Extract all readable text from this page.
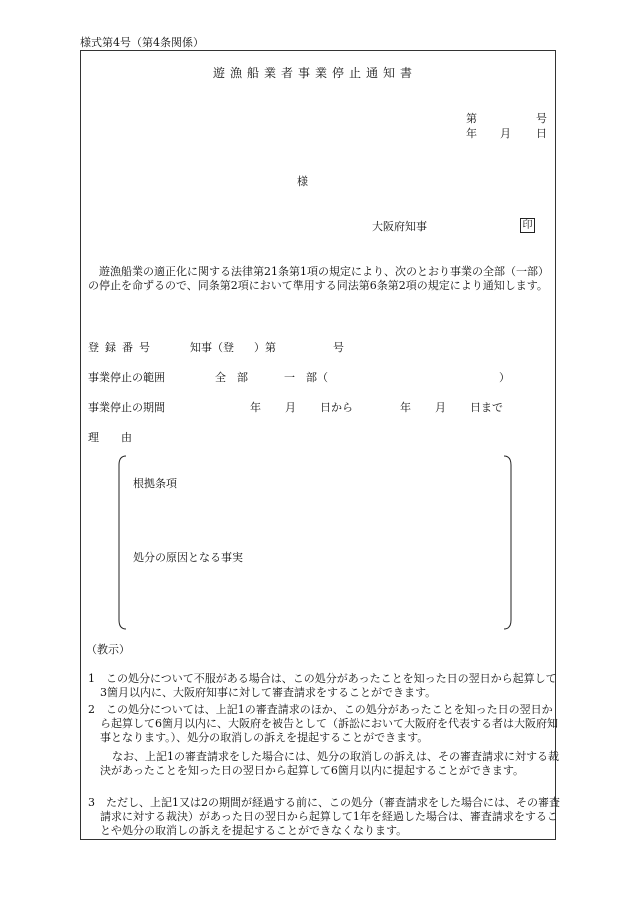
様式第4号（第4条関係）
遊漁船業者事業停止通知書
第	号
年 月 日
様
大阪府知事	印
遊漁船業の適正化に関する法律第21条第1項の規定により、次のとおり事業の全部（一部）の停止を命ずるので、同条第2項において準用する同法第6条第2項の規定により通知します。
登録番号	知事（登 ）第	号
事業停止の範囲	全　部	一　部（	）
事業停止の期間	年 月 日から	年 月 日まで
理　　由
根拠条項
処分の原因となる事実
（教示）
1　この処分について不服がある場合は、この処分があったことを知った日の翌日から起算して3箇月以内に、大阪府知事に対して審査請求をすることができます。
2　この処分については、上記1の審査請求のほか、この処分があったことを知った日の翌日から起算して6箇月以内に、大阪府を被告として（訴訟において大阪府を代表する者は大阪府知事となります。）、処分の取消しの訴えを提起することができます。
なお、上記1の審査請求をした場合には、処分の取消しの訴えは、その審査請求に対する裁決があったことを知った日の翌日から起算して6箇月以内に提起することができます。
3　ただし、上記1又は2の期間が経過する前に、この処分（審査請求をした場合には、その審査請求に対する裁決）があった日の翌日から起算して1年を経過した場合は、審査請求をすることや処分の取消しの訴えを提起することができなくなります。
